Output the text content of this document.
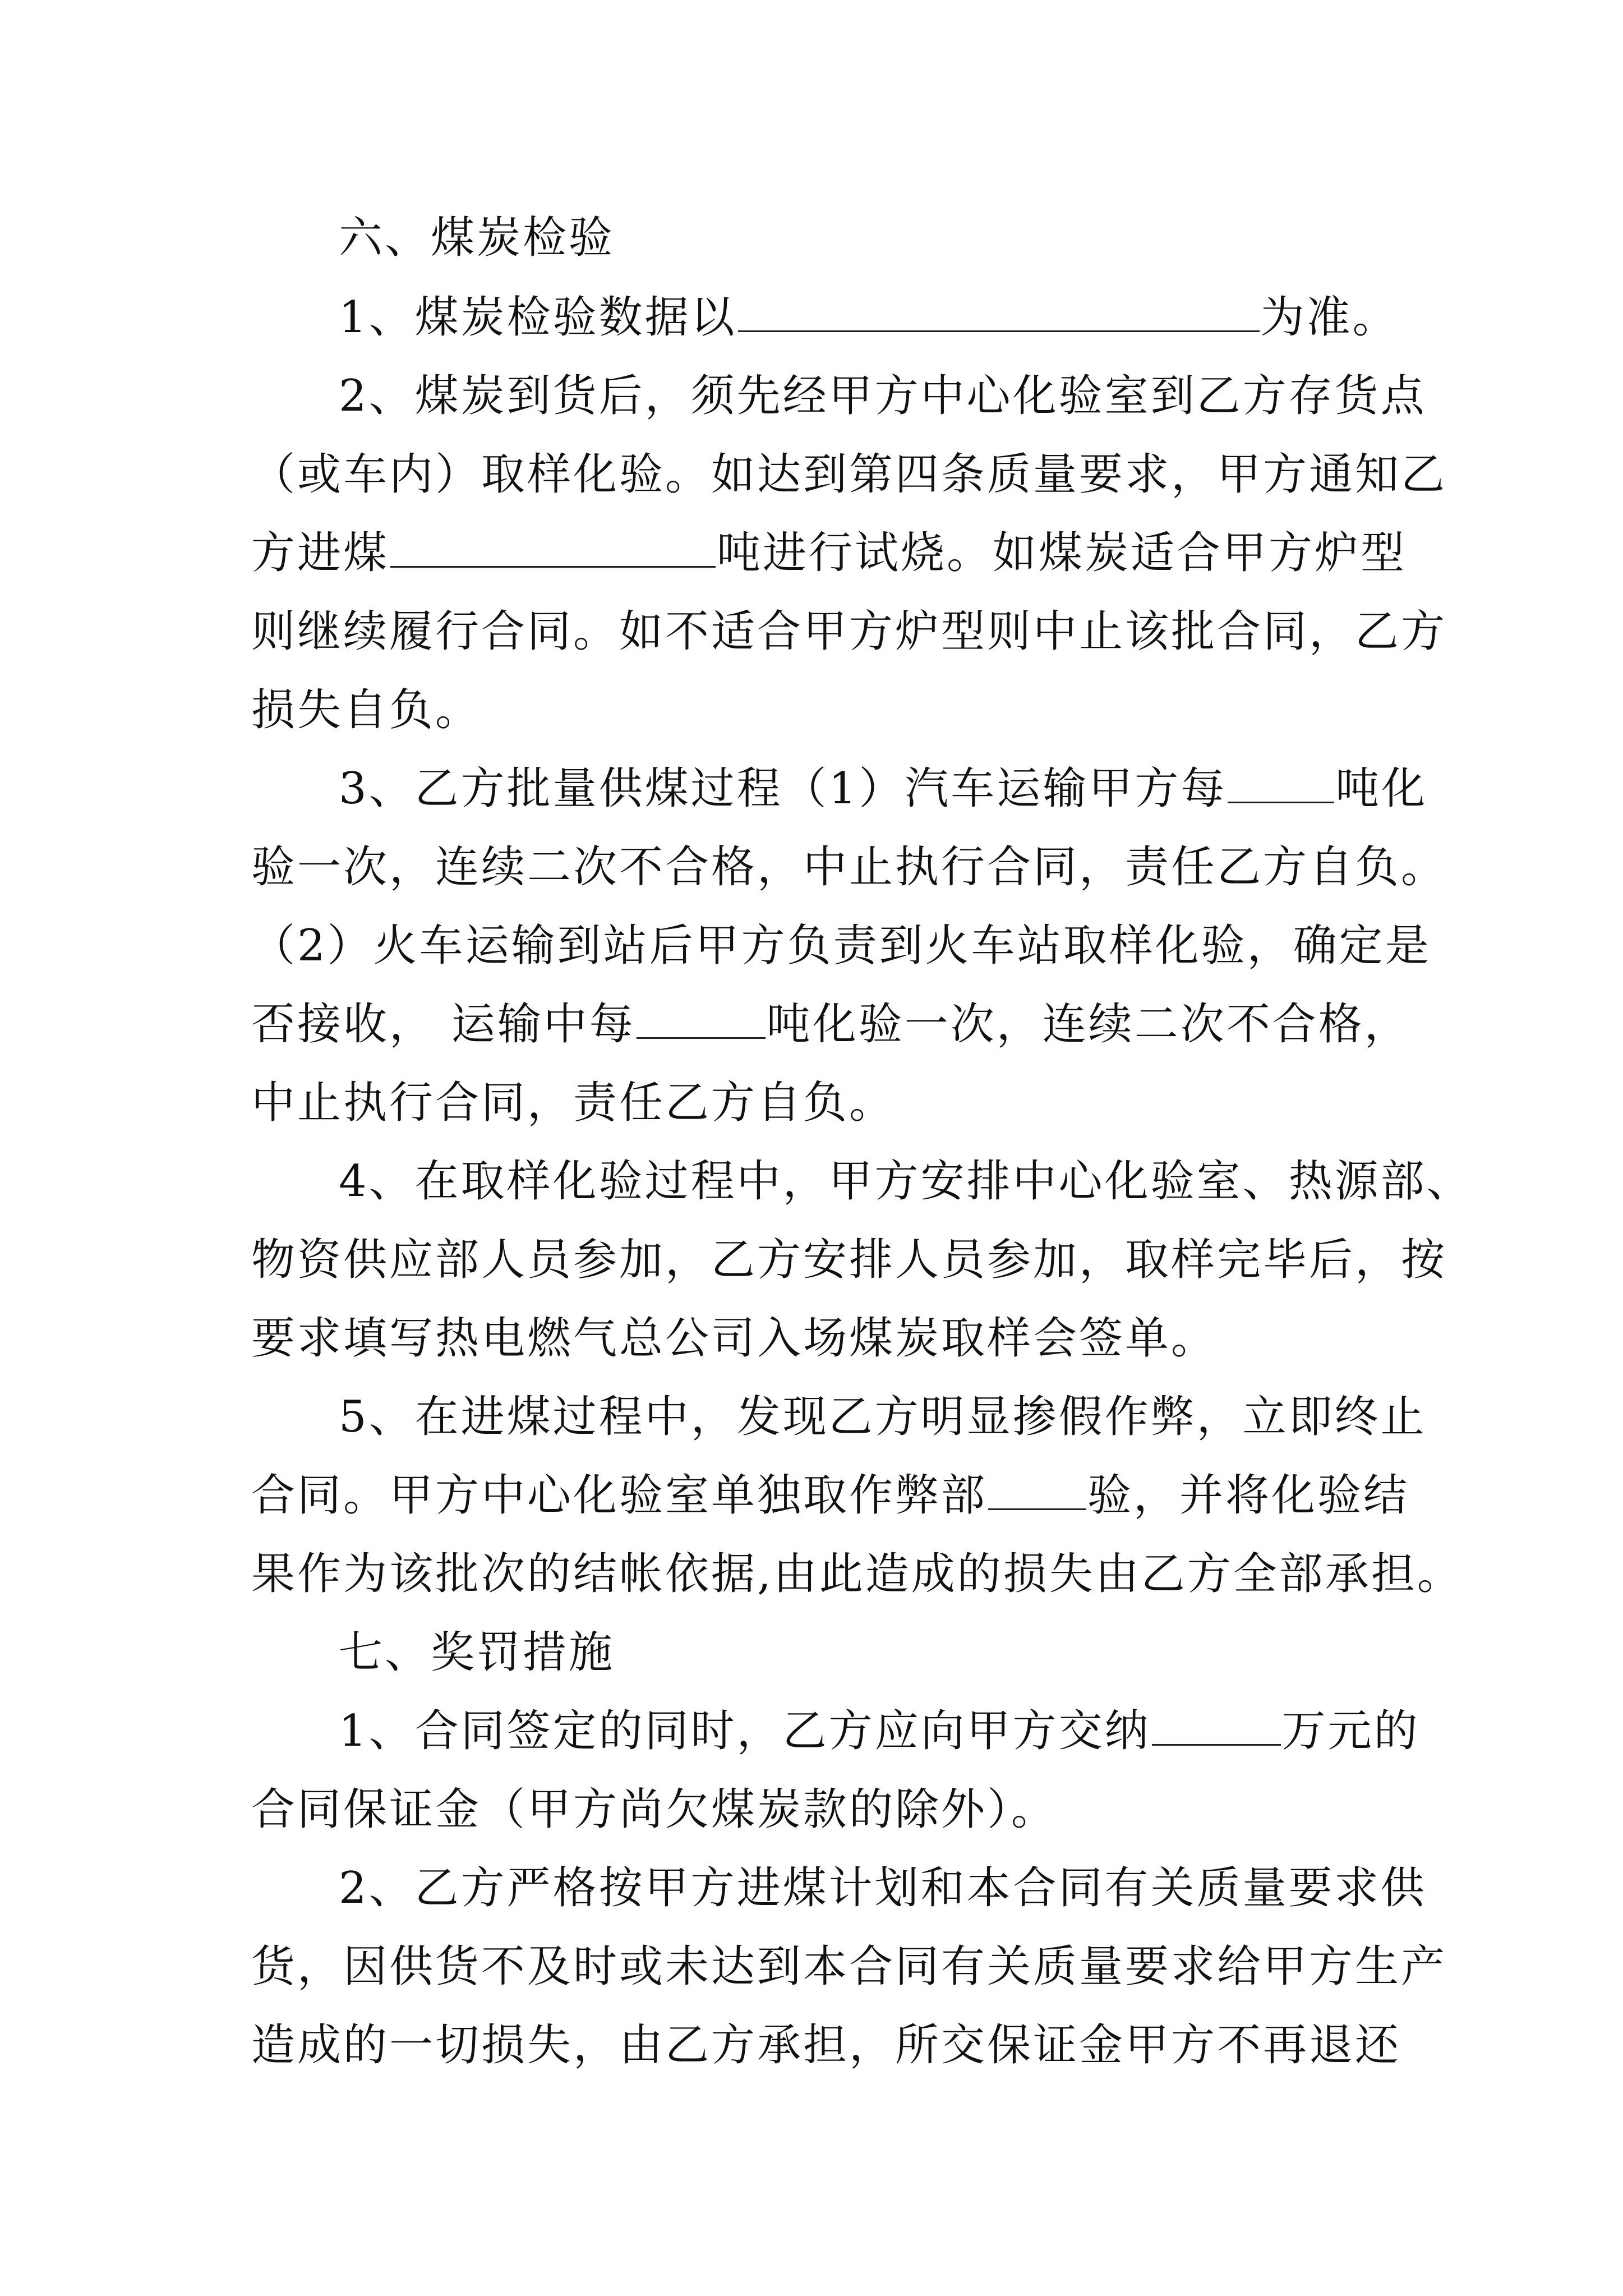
六、煤炭检验
1、煤炭检验数据以	为准。
2、煤炭到货后，须先经甲方中心化验室到乙方存货点
（或车内）取样化验。如达到第四条质量要求，甲方通知乙
方进煤	吨进行试烧。如煤炭适合甲方炉型
则继续履行合同。如不适合甲方炉型则中止该批合同，乙方
损失自负。
3、乙方批量供煤过程（1）汽车运输甲方每 吨化
验一次，连续二次不合格，中止执行合同，责任乙方自负。
（2）火车运输到站后甲方负责到火车站取样化验，确定是
否接收， 运输中每	吨化验一次，连续二次不合格，
中止执行合同，责任乙方自负。
4、在取样化验过程中，甲方安排中心化验室、热源部、
物资供应部人员参加，乙方安排人员参加，取样完毕后，按
要求填写热电燃气总公司入场煤炭取样会签单。
5、在进煤过程中，发现乙方明显掺假作弊，立即终止
合同。甲方中心化验室单独取作弊部 验，并将化验结
果作为该批次的结帐依据,由此造成的损失由乙方全部承担。
七、奖罚措施
1、合同签定的同时，乙方应向甲方交纳	万元的
合同保证金（甲方尚欠煤炭款的除外）。
2、乙方严格按甲方进煤计划和本合同有关质量要求供
货，因供货不及时或未达到本合同有关质量要求给甲方生产
造成的一切损失，由乙方承担，所交保证金甲方不再退还
